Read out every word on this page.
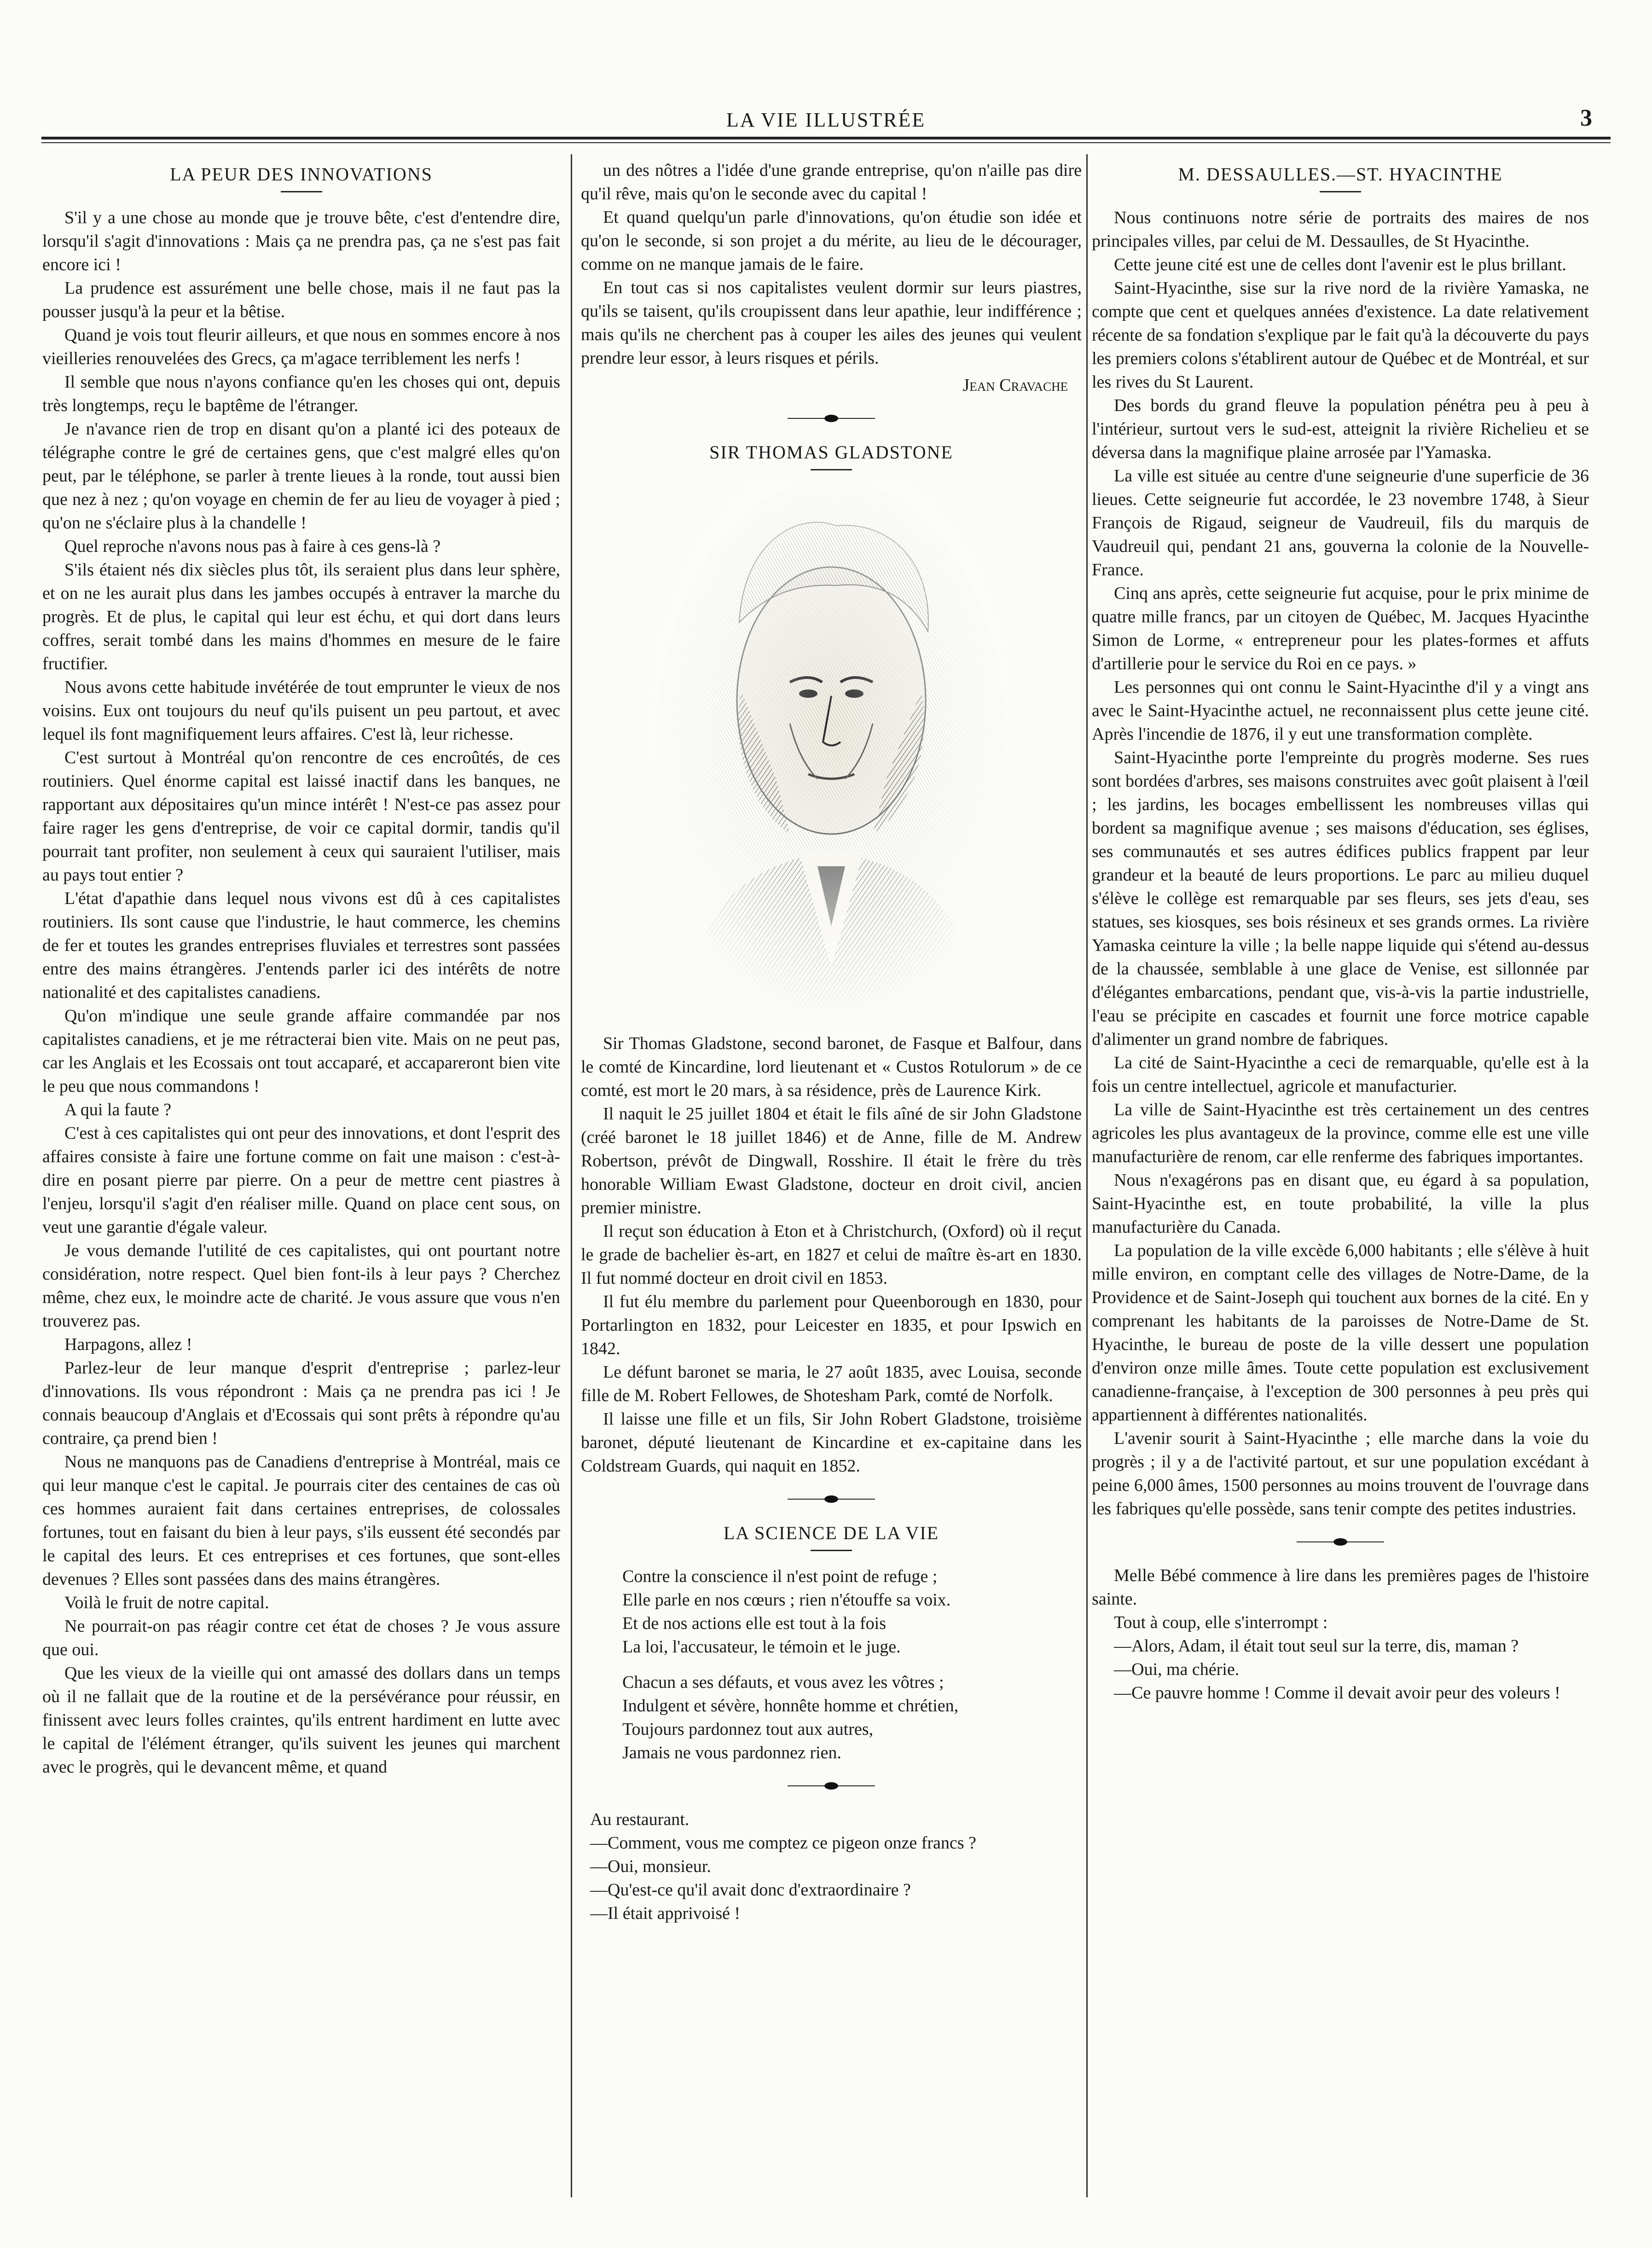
LA VIE ILLUSTRÉE	3
LA PEUR DES INNOVATIONS

S'il y a une chose au monde que je trouve bête, c'est d'entendre dire, lorsqu'il s'agit d'innovations : Mais ça ne prendra pas, ça ne s'est pas fait encore ici !

La prudence est assurément une belle chose, mais il ne faut pas la pousser jusqu'à la peur et la bêtise.

Quand je vois tout fleurir ailleurs, et que nous en sommes encore à nos vieilleries renouvelées des Grecs, ça m'agace terriblement les nerfs !

Il semble que nous n'ayons confiance qu'en les choses qui ont, depuis très longtemps, reçu le baptême de l'étranger.

Je n'avance rien de trop en disant qu'on a planté ici des poteaux de télégraphe contre le gré de certaines gens, que c'est malgré elles qu'on peut, par le téléphone, se parler à trente lieues à la ronde, tout aussi bien que nez à nez ; qu'on voyage en chemin de fer au lieu de voyager à pied ; qu'on ne s'éclaire plus à la chandelle !

Quel reproche n'avons nous pas à faire à ces gens-là ?

S'ils étaient nés dix siècles plus tôt, ils seraient plus dans leur sphère, et on ne les aurait plus dans les jambes occupés à entraver la marche du progrès. Et de plus, le capital qui leur est échu, et qui dort dans leurs coffres, serait tombé dans les mains d'hommes en mesure de le faire fructifier.

Nous avons cette habitude invétérée de tout emprunter le vieux de nos voisins. Eux ont toujours du neuf qu'ils puisent un peu partout, et avec lequel ils font magnifiquement leurs affaires. C'est là, leur richesse.

C'est surtout à Montréal qu'on rencontre de ces encroûtés, de ces routiniers. Quel énorme capital est laissé inactif dans les banques, ne rapportant aux dépositaires qu'un mince intérêt ! N'est-ce pas assez pour faire rager les gens d'entreprise, de voir ce capital dormir, tandis qu'il pourrait tant profiter, non seulement à ceux qui sauraient l'utiliser, mais au pays tout entier ?

L'état d'apathie dans lequel nous vivons est dû à ces capitalistes routiniers. Ils sont cause que l'industrie, le haut commerce, les chemins de fer et toutes les grandes entreprises fluviales et terrestres sont passées entre des mains étrangères. J'entends parler ici des intérêts de notre nationalité et des capitalistes canadiens.

Qu'on m'indique une seule grande affaire commandée par nos capitalistes canadiens, et je me rétracterai bien vite. Mais on ne peut pas, car les Anglais et les Ecossais ont tout accaparé, et accapareront bien vite le peu que nous commandons !

A qui la faute ?

C'est à ces capitalistes qui ont peur des innovations, et dont l'esprit des affaires consiste à faire une fortune comme on fait une maison : c'est-à-dire en posant pierre par pierre. On a peur de mettre cent piastres à l'enjeu, lorsqu'il s'agit d'en réaliser mille. Quand on place cent sous, on veut une garantie d'égale valeur.

Je vous demande l'utilité de ces capitalistes, qui ont pourtant notre considération, notre respect. Quel bien font-ils à leur pays ? Cherchez même, chez eux, le moindre acte de charité. Je vous assure que vous n'en trouverez pas.

Harpagons, allez !

Parlez-leur de leur manque d'esprit d'entreprise ; parlez-leur d'innovations. Ils vous répondront : Mais ça ne prendra pas ici ! Je connais beaucoup d'Anglais et d'Ecossais qui sont prêts à répondre qu'au contraire, ça prend bien !

Nous ne manquons pas de Canadiens d'entreprise à Montréal, mais ce qui leur manque c'est le capital. Je pourrais citer des centaines de cas où ces hommes auraient fait dans certaines entreprises, de colossales fortunes, tout en faisant du bien à leur pays, s'ils eussent été secondés par le capital des leurs. Et ces entreprises et ces fortunes, que sont-elles devenues ? Elles sont passées dans des mains étrangères.

Voilà le fruit de notre capital.

Ne pourrait-on pas réagir contre cet état de choses ? Je vous assure que oui.

Que les vieux de la vieille qui ont amassé des dollars dans un temps où il ne fallait que de la routine et de la persévérance pour réussir, en finissent avec leurs folles craintes, qu'ils entrent hardiment en lutte avec le capital de l'élément étranger, qu'ils suivent les jeunes qui marchent avec le progrès, qui le devancent même, et quand

un des nôtres a l'idée d'une grande entreprise, qu'on n'aille pas dire qu'il rêve, mais qu'on le seconde avec du capital !

Et quand quelqu'un parle d'innovations, qu'on étudie son idée et qu'on le seconde, si son projet a du mérite, au lieu de le décourager, comme on ne manque jamais de le faire.

En tout cas si nos capitalistes veulent dormir sur leurs piastres, qu'ils se taisent, qu'ils croupissent dans leur apathie, leur indifférence ; mais qu'ils ne cherchent pas à couper les ailes des jeunes qui veulent prendre leur essor, à leurs risques et périls.

Jean Cravache
SIR THOMAS GLADSTONE

Sir Thomas Gladstone, second baronet, de Fasque et Balfour, dans le comté de Kincardine, lord lieutenant et « Custos Rotulorum » de ce comté, est mort le 20 mars, à sa résidence, près de Laurence Kirk.

Il naquit le 25 juillet 1804 et était le fils aîné de sir John Gladstone (créé baronet le 18 juillet 1846) et de Anne, fille de M. Andrew Robertson, prévôt de Dingwall, Rosshire. Il était le frère du très honorable William Ewast Gladstone, docteur en droit civil, ancien premier ministre.

Il reçut son éducation à Eton et à Christchurch, (Oxford) où il reçut le grade de bachelier ès-art, en 1827 et celui de maître ès-art en 1830. Il fut nommé docteur en droit civil en 1853.

Il fut élu membre du parlement pour Queenborough en 1830, pour Portarlington en 1832, pour Leicester en 1835, et pour Ipswich en 1842.

Le défunt baronet se maria, le 27 août 1835, avec Louisa, seconde fille de M. Robert Fellowes, de Shotesham Park, comté de Norfolk.

Il laisse une fille et un fils, Sir John Robert Gladstone, troisième baronet, député lieutenant de Kincardine et ex-capitaine dans les Coldstream Guards, qui naquit en 1852.

LA SCIENCE DE LA VIE

Contre la conscience il n'est point de refuge ;

Elle parle en nos cœurs ; rien n'étouffe sa voix.

Et de nos actions elle est tout à la fois

La loi, l'accusateur, le témoin et le juge.

Chacun a ses défauts, et vous avez les vôtres ;

Indulgent et sévère, honnête homme et chrétien,

Toujours pardonnez tout aux autres,

Jamais ne vous pardonnez rien.

Au restaurant.

—Comment, vous me comptez ce pigeon onze francs ?

—Oui, monsieur.

—Qu'est-ce qu'il avait donc d'extraordinaire ?

—Il était apprivoisé !

M. DESSAULLES.—ST. HYACINTHE

Nous continuons notre série de portraits des maires de nos principales villes, par celui de M. Dessaulles, de St Hyacinthe.

Cette jeune cité est une de celles dont l'avenir est le plus brillant.

Saint-Hyacinthe, sise sur la rive nord de la rivière Yamaska, ne compte que cent et quelques années d'existence. La date relativement récente de sa fondation s'explique par le fait qu'à la découverte du pays les premiers colons s'établirent autour de Québec et de Montréal, et sur les rives du St Laurent.

Des bords du grand fleuve la population pénétra peu à peu à l'intérieur, surtout vers le sud-est, atteignit la rivière Richelieu et se déversa dans la magnifique plaine arrosée par l'Yamaska.

La ville est située au centre d'une seigneurie d'une superficie de 36 lieues. Cette seigneurie fut accordée, le 23 novembre 1748, à Sieur François de Rigaud, seigneur de Vaudreuil, fils du marquis de Vaudreuil qui, pendant 21 ans, gouverna la colonie de la Nouvelle-France.

Cinq ans après, cette seigneurie fut acquise, pour le prix minime de quatre mille francs, par un citoyen de Québec, M. Jacques Hyacinthe Simon de Lorme, « entrepreneur pour les plates-formes et affuts d'artillerie pour le service du Roi en ce pays. »

Les personnes qui ont connu le Saint-Hyacinthe d'il y a vingt ans avec le Saint-Hyacinthe actuel, ne reconnaissent plus cette jeune cité. Après l'incendie de 1876, il y eut une transformation complète.

Saint-Hyacinthe porte l'empreinte du progrès moderne. Ses rues sont bordées d'arbres, ses maisons construites avec goût plaisent à l'œil ; les jardins, les bocages embellissent les nombreuses villas qui bordent sa magnifique avenue ; ses maisons d'éducation, ses églises, ses communautés et ses autres édifices publics frappent par leur grandeur et la beauté de leurs proportions. Le parc au milieu duquel s'élève le collège est remarquable par ses fleurs, ses jets d'eau, ses statues, ses kiosques, ses bois résineux et ses grands ormes. La rivière Yamaska ceinture la ville ; la belle nappe liquide qui s'étend au-dessus de la chaussée, semblable à une glace de Venise, est sillonnée par d'élégantes embarcations, pendant que, vis-à-vis la partie industrielle, l'eau se précipite en cascades et fournit une force motrice capable d'alimenter un grand nombre de fabriques.

La cité de Saint-Hyacinthe a ceci de remarquable, qu'elle est à la fois un centre intellectuel, agricole et manufacturier.

La ville de Saint-Hyacinthe est très certainement un des centres agricoles les plus avantageux de la province, comme elle est une ville manufacturière de renom, car elle renferme des fabriques importantes.

Nous n'exagérons pas en disant que, eu égard à sa population, Saint-Hyacinthe est, en toute probabilité, la ville la plus manufacturière du Canada.

La population de la ville excède 6,000 habitants ; elle s'élève à huit mille environ, en comptant celle des villages de Notre-Dame, de la Providence et de Saint-Joseph qui touchent aux bornes de la cité. En y comprenant les habitants de la paroisses de Notre-Dame de St. Hyacinthe, le bureau de poste de la ville dessert une population d'environ onze mille âmes. Toute cette population est exclusivement canadienne-française, à l'exception de 300 personnes à peu près qui appartiennent à différentes nationalités.

L'avenir sourit à Saint-Hyacinthe ; elle marche dans la voie du progrès ; il y a de l'activité partout, et sur une population excédant à peine 6,000 âmes, 1500 personnes au moins trouvent de l'ouvrage dans les fabriques qu'elle possède, sans tenir compte des petites industries.

Melle Bébé commence à lire dans les premières pages de l'histoire sainte.

Tout à coup, elle s'interrompt :

—Alors, Adam, il était tout seul sur la terre, dis, maman ?

—Oui, ma chérie.

—Ce pauvre homme ! Comme il devait avoir peur des voleurs !
